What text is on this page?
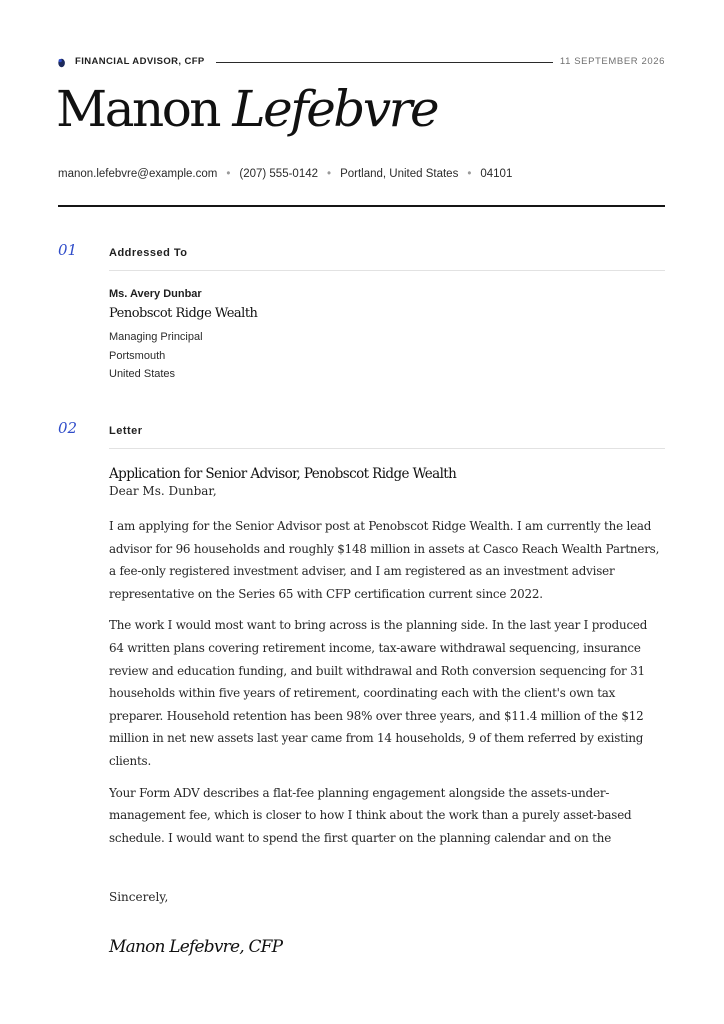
FINANCIAL ADVISOR, CFP	11 SEPTEMBER 2026
Manon Lefebvre
manon.lefebvre@example.com • (207) 555-0142 • Portland, United States • 04101
01	Addressed To
Ms. Avery Dunbar
Penobscot Ridge Wealth
Managing Principal
Portsmouth
United States
02	Letter
Application for Senior Advisor, Penobscot Ridge Wealth
Dear Ms. Dunbar,

I am applying for the Senior Advisor post at Penobscot Ridge Wealth. I am currently the lead advisor for 96 households and roughly $148 million in assets at Casco Reach Wealth Partners, a fee-only registered investment adviser, and I am registered as an investment adviser representative on the Series 65 with CFP certification current since 2022.

The work I would most want to bring across is the planning side. In the last year I produced 64 written plans covering retirement income, tax-aware withdrawal sequencing, insurance review and education funding, and built withdrawal and Roth conversion sequencing for 31 households within five years of retirement, coordinating each with the client's own tax preparer. Household retention has been 98% over three years, and $11.4 million of the $12 million in net new assets last year came from 14 households, 9 of them referred by existing clients.

Your Form ADV describes a flat-fee planning engagement alongside the assets-under-management fee, which is closer to how I think about the work than a purely asset-based schedule. I would want to spend the first quarter on the planning calendar and on the

Sincerely,
Manon Lefebvre, CFP
